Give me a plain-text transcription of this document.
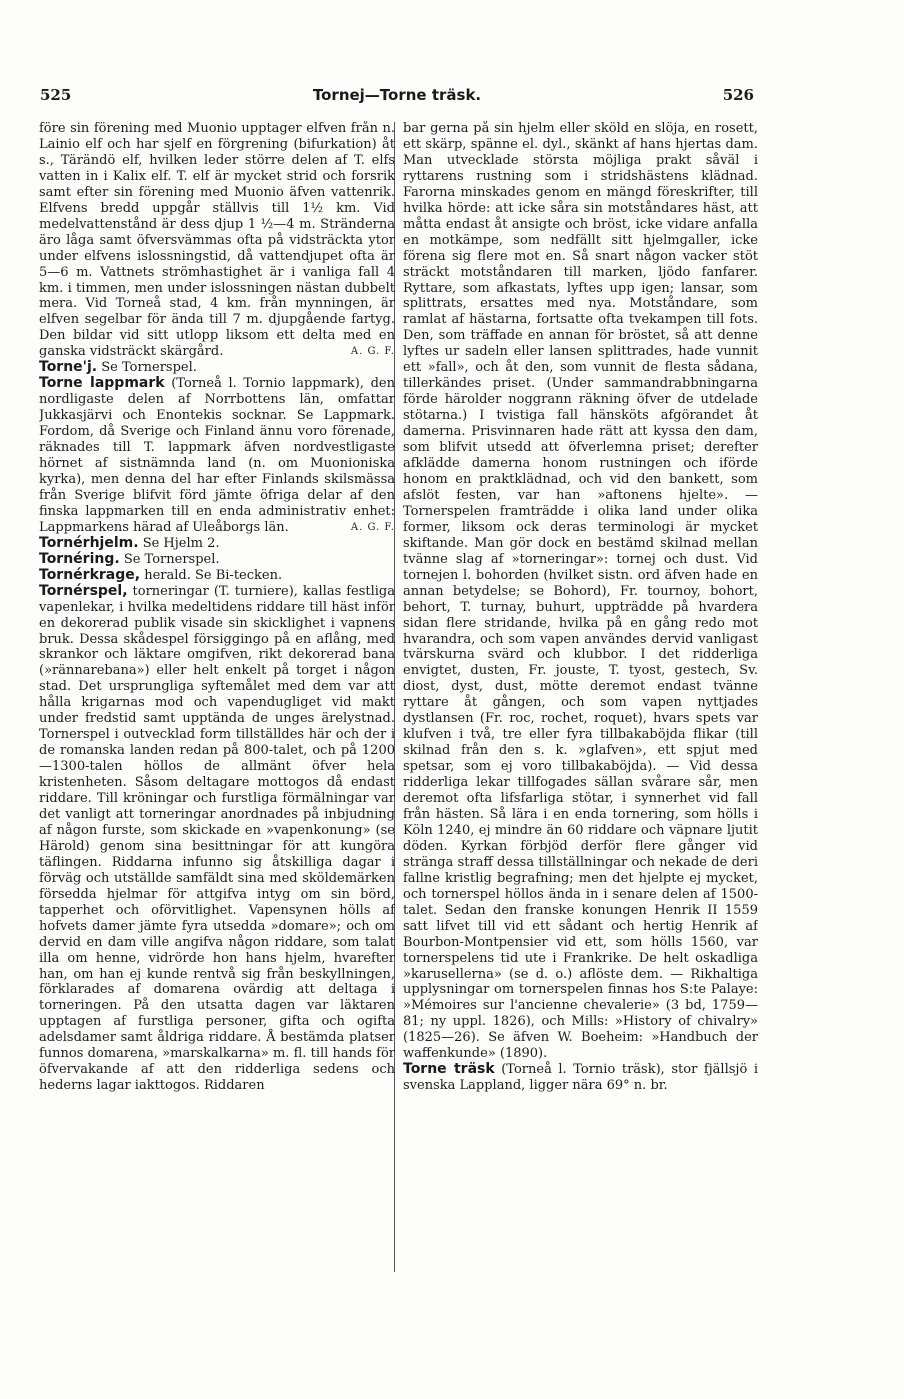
525	Tornej—Torne träsk.	526

före sin förening med Muonio upptager elfven från n. Lainio elf och har sjelf en förgrening (bifurkation) åt s., Tärändö elf, hvilken leder större delen af T. elfs vatten in i Kalix elf. T. elf är mycket strid och forsrik samt efter sin förening med Muonio äfven vattenrik. Elfvens bredd uppgår ställvis till 1½ km. Vid medelvattenstånd är dess djup 1 ½—4 m. Stränderna äro låga samt öfversvämmas ofta på vidsträckta ytor under elfvens islossningstid, då vattendjupet ofta är 5—6 m. Vattnets strömhastighet är i vanliga fall 4 km. i timmen, men under islossningen nästan dubbelt mera. Vid Torneå stad, 4 km. från mynningen, är elfven segelbar för ända till 7 m. djupgående fartyg. Den bildar vid sitt utlopp liksom ett delta med en ganska vidsträckt skärgård.	A. G. F.

Torne'j. Se Tornerspel.

Torne lappmark (Torneå l. Tornio lappmark), den nordligaste delen af Norrbottens län, omfattar Jukkasjärvi och Enontekis socknar. Se Lappmark. Fordom, då Sverige och Finland ännu voro förenade, räknades till T. lappmark äfven nordvestligaste hörnet af sistnämnda land (n. om Muonioniska kyrka), men denna del har efter Finlands skilsmässa från Sverige blifvit förd jämte öfriga delar af den finska lappmarken till en enda administrativ enhet: Lappmarkens härad af Uleåborgs län.	A. G. F.

Tornérhjelm. Se Hjelm 2.

Tornéring. Se Tornerspel.

Tornérkrage, herald. Se Bi-tecken.

Tornérspel, torneringar (T. turniere), kallas festliga vapenlekar, i hvilka medeltidens riddare till häst inför en dekorerad publik visade sin skicklighet i vapnens bruk. Dessa skådespel försiggingo på en aflång, med skrankor och läktare omgifven, rikt dekorerad bana (»rännarebana») eller helt enkelt på torget i någon stad. Det ursprungliga syftemålet med dem var att hålla krigarnas mod och vapendugliget vid makt under fredstid samt upptända de unges ärelystnad. Tornerspel i outvecklad form tillställdes här och der i de romanska landen redan på 800-talet, och på 1200—1300-talen höllos de allmänt öfver hela kristenheten. Såsom deltagare mottogos då endast riddare. Till kröningar och furstliga förmälningar var det vanligt att torneringar anordnades på inbjudning af någon furste, som skickade en »vapenkonung» (se Härold) genom sina besittningar för att kungöra täflingen. Riddarna infunno sig åtskilliga dagar i förväg och utställde samfäldt sina med sköldemärken försedda hjelmar för attgifva intyg om sin börd, tapperhet och oförvitlighet. Vapensynen hölls af hofvets damer jämte fyra utsedda »domare»; och om dervid en dam ville angifva någon riddare, som talat illa om henne, vidrörde hon hans hjelm, hvarefter han, om han ej kunde rentvå sig från beskyllningen, förklarades af domarena ovärdig att deltaga i torneringen. På den utsatta dagen var läktaren upptagen af furstliga personer, gifta och ogifta adelsdamer samt åldriga riddare. Å bestämda platser funnos domarena, »marskalkarna» m. fl. till hands för öfvervakande af att den ridderliga sedens och hederns lagar iakttogos. Riddaren

bar gerna på sin hjelm eller sköld en slöja, en rosett, ett skärp, spänne el. dyl., skänkt af hans hjertas dam. Man utvecklade största möjliga prakt såväl i ryttarens rustning som i stridshästens klädnad. Farorna minskades genom en mängd föreskrifter, till hvilka hörde: att icke såra sin motståndares häst, att måtta endast åt ansigte och bröst, icke vidare anfalla en motkämpe, som nedfällt sitt hjelmgaller, icke förena sig flere mot en. Så snart någon vacker stöt sträckt motståndaren till marken, ljödo fanfarer. Ryttare, som afkastats, lyftes upp igen; lansar, som splittrats, ersattes med nya. Motståndare, som ramlat af hästarna, fortsatte ofta tvekampen till fots. Den, som träffade en annan för bröstet, så att denne lyftes ur sadeln eller lansen splittrades, hade vunnit ett »fall», och åt den, som vunnit de flesta sådana, tillerkändes priset. (Under sammandrabbningarna förde härolder noggrann räkning öfver de utdelade stötarna.) I tvistiga fall hänsköts afgörandet åt damerna. Prisvinnaren hade rätt att kyssa den dam, som blifvit utsedd att öfverlemna priset; derefter afklädde damerna honom rustningen och iförde honom en praktklädnad, och vid den bankett, som afslöt festen, var han »aftonens hjelte». — Tornerspelen framträdde i olika land under olika former, liksom ock deras terminologi är mycket skiftande. Man gör dock en bestämd skilnad mellan tvänne slag af »torneringar»: tornej och dust. Vid tornejen l. bohorden (hvilket sistn. ord äfven hade en annan betydelse; se Bohord), Fr. tournoy, bohort, behort, T. turnay, buhurt, uppträdde på hvardera sidan flere stridande, hvilka på en gång redo mot hvarandra, och som vapen användes dervid vanligast tvärskurna svärd och klubbor. I det ridderliga envigtet, dusten, Fr. jouste, T. tyost, gestech, Sv. diost, dyst, dust, mötte deremot endast tvänne ryttare åt gången, och som vapen nyttjades dystlansen (Fr. roc, rochet, roquet), hvars spets var klufven i två, tre eller fyra tillbakaböjda flikar (till skilnad från den s. k. »glafven», ett spjut med spetsar, som ej voro tillbakaböjda). — Vid dessa ridderliga lekar tillfogades sällan svårare sår, men deremot ofta lifsfarliga stötar, i synnerhet vid fall från hästen. Så lära i en enda tornering, som hölls i Köln 1240, ej mindre än 60 riddare och väpnare ljutit döden. Kyrkan förbjöd derför flere gånger vid stränga straff dessa tillställningar och nekade de deri fallne kristlig begrafning; men det hjelpte ej mycket, och tornerspel höllos ända in i senare delen af 1500-talet. Sedan den franske konungen Henrik II 1559 satt lifvet till vid ett sådant och hertig Henrik af Bourbon-Montpensier vid ett, som hölls 1560, var tornerspelens tid ute i Frankrike. De helt oskadliga »karusellerna» (se d. o.) aflöste dem. — Rikhaltiga upplysningar om tornerspelen finnas hos S:te Palaye: »Mémoires sur l'ancienne chevalerie» (3 bd, 1759—81; ny uppl. 1826), och Mills: »History of chivalry» (1825—26). Se äfven W. Boeheim: »Handbuch der waffenkunde» (1890).

Torne träsk (Torneå l. Tornio träsk), stor fjällsjö i svenska Lappland, ligger nära 69° n. br.
